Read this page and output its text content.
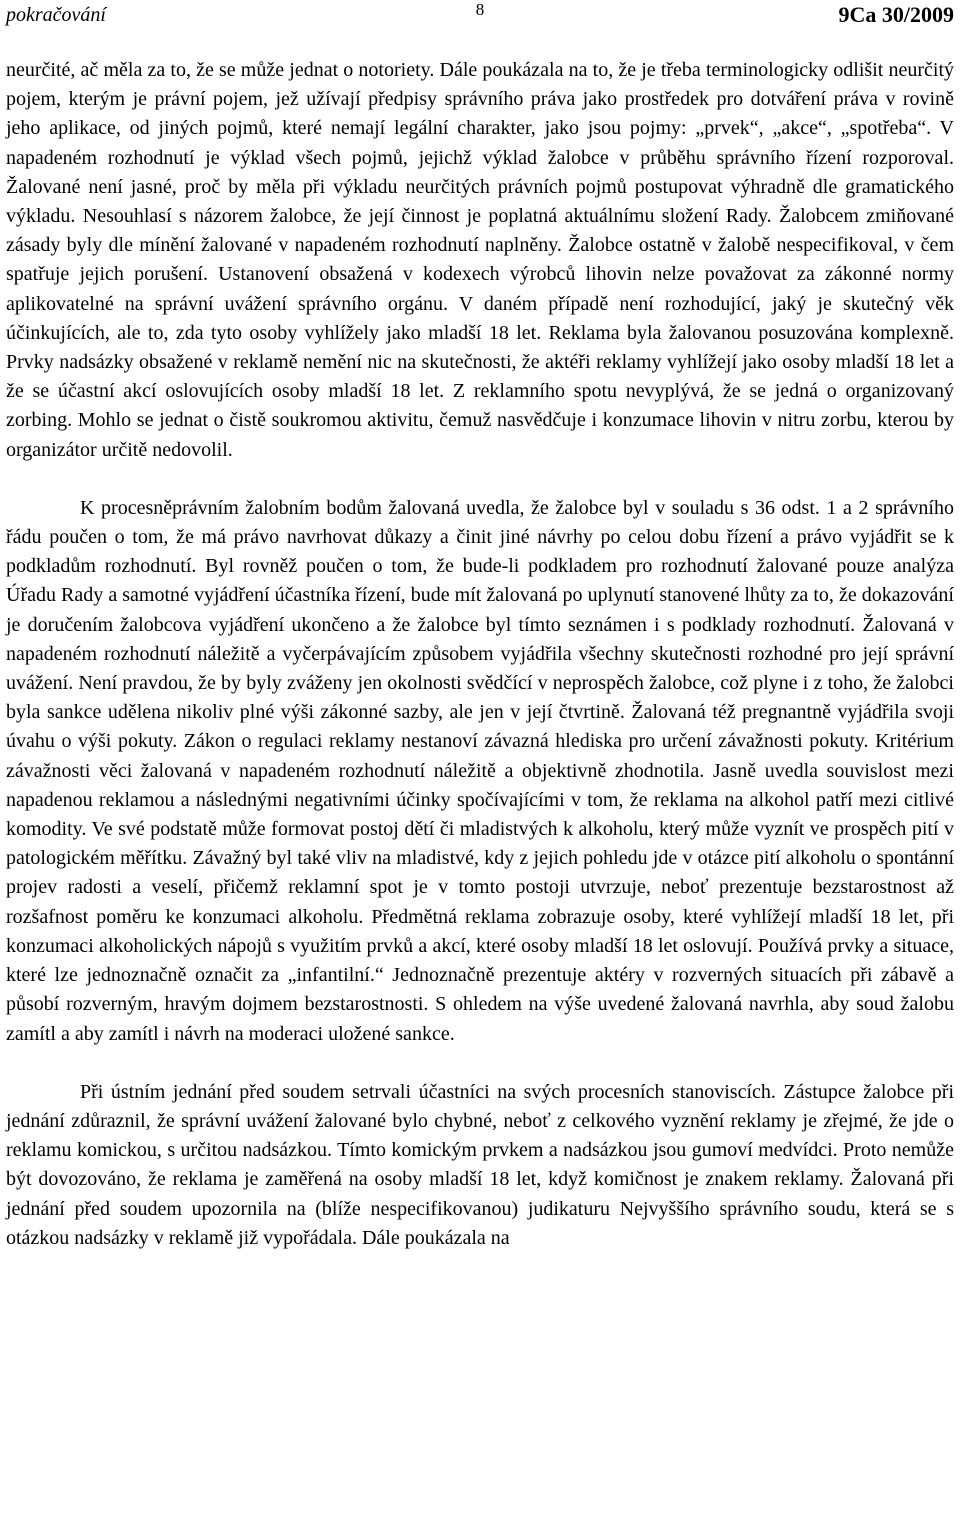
pokračování	8	9Ca 30/2009

neurčité, ač měla za to, že se může jednat o notoriety. Dále poukázala na to, že je třeba terminologicky odlišit neurčitý pojem, kterým je právní pojem, jež užívají předpisy správního práva jako prostředek pro dotváření práva v rovině jeho aplikace, od jiných pojmů, které nemají legální charakter, jako jsou pojmy: „prvek“, „akce“, „spotřeba“. V napadeném rozhodnutí je výklad všech pojmů, jejichž výklad žalobce v průběhu správního řízení rozporoval. Žalované není jasné, proč by měla při výkladu neurčitých právních pojmů postupovat výhradně dle gramatického výkladu. Nesouhlasí s názorem žalobce, že její činnost je poplatná aktuálnímu složení Rady. Žalobcem zmiňované zásady byly dle mínění žalované v napadeném rozhodnutí naplněny. Žalobce ostatně v žalobě nespecifikoval, v čem spatřuje jejich porušení. Ustanovení obsažená v kodexech výrobců lihovin nelze považovat za zákonné normy aplikovatelné na správní uvážení správního orgánu. V daném případě není rozhodující, jaký je skutečný věk účinkujících, ale to, zda tyto osoby vyhlížely jako mladší 18 let. Reklama byla žalovanou posuzována komplexně. Prvky nadsázky obsažené v reklamě nemění nic na skutečnosti, že aktéři reklamy vyhlížejí jako osoby mladší 18 let a že se účastní akcí oslovujících osoby mladší 18 let. Z reklamního spotu nevyplývá, že se jedná o organizovaný zorbing. Mohlo se jednat o čistě soukromou aktivitu, čemuž nasvědčuje i konzumace lihovin v nitru zorbu, kterou by organizátor určitě nedovolil.

K procesněprávním žalobním bodům žalovaná uvedla, že žalobce byl v souladu s 36 odst. 1 a 2 správního řádu poučen o tom, že má právo navrhovat důkazy a činit jiné návrhy po celou dobu řízení a právo vyjádřit se k podkladům rozhodnutí. Byl rovněž poučen o tom, že bude-li podkladem pro rozhodnutí žalované pouze analýza Úřadu Rady a samotné vyjádření účastníka řízení, bude mít žalovaná po uplynutí stanovené lhůty za to, že dokazování je doručením žalobcova vyjádření ukončeno a že žalobce byl tímto seznámen i s podklady rozhodnutí. Žalovaná v napadeném rozhodnutí náležitě a vyčerpávajícím způsobem vyjádřila všechny skutečnosti rozhodné pro její správní uvážení. Není pravdou, že by byly zváženy jen okolnosti svědčící v neprospěch žalobce, což plyne i z toho, že žalobci byla sankce udělena nikoliv plné výši zákonné sazby, ale jen v její čtvrtině. Žalovaná též pregnantně vyjádřila svoji úvahu o výši pokuty. Zákon o regulaci reklamy nestanoví závazná hlediska pro určení závažnosti pokuty. Kritérium závažnosti věci žalovaná v napadeném rozhodnutí náležitě a objektivně zhodnotila. Jasně uvedla souvislost mezi napadenou reklamou a následnými negativními účinky spočívajícími v tom, že reklama na alkohol patří mezi citlivé komodity. Ve své podstatě může formovat postoj dětí či mladistvých k alkoholu, který může vyznít ve prospěch pití v patologickém měřítku. Závažný byl také vliv na mladistvé, kdy z jejich pohledu jde v otázce pití alkoholu o spontánní projev radosti a veselí, přičemž reklamní spot je v tomto postoji utvrzuje, neboť prezentuje bezstarostnost až rozšafnost poměru ke konzumaci alkoholu. Předmětná reklama zobrazuje osoby, které vyhlížejí mladší 18 let, při konzumaci alkoholických nápojů s využitím prvků a akcí, které osoby mladší 18 let oslovují. Používá prvky a situace, které lze jednoznačně označit za „infantilní.“ Jednoznačně prezentuje aktéry v rozverných situacích při zábavě a působí rozverným, hravým dojmem bezstarostnosti. S ohledem na výše uvedené žalovaná navrhla, aby soud žalobu zamítl a aby zamítl i návrh na moderaci uložené sankce.

Při ústním jednání před soudem setrvali účastníci na svých procesních stanoviscích. Zástupce žalobce při jednání zdůraznil, že správní uvážení žalované bylo chybné, neboť z celkového vyznění reklamy je zřejmé, že jde o reklamu komickou, s určitou nadsázkou. Tímto komickým prvkem a nadsázkou jsou gumoví medvídci. Proto nemůže být dovozováno, že reklama je zaměřená na osoby mladší 18 let, když komičnost je znakem reklamy. Žalovaná při jednání před soudem upozornila na (blíže nespecifikovanou) judikaturu Nejvyššího správního soudu, která se s otázkou nadsázky v reklamě již vypořádala. Dále poukázala na
